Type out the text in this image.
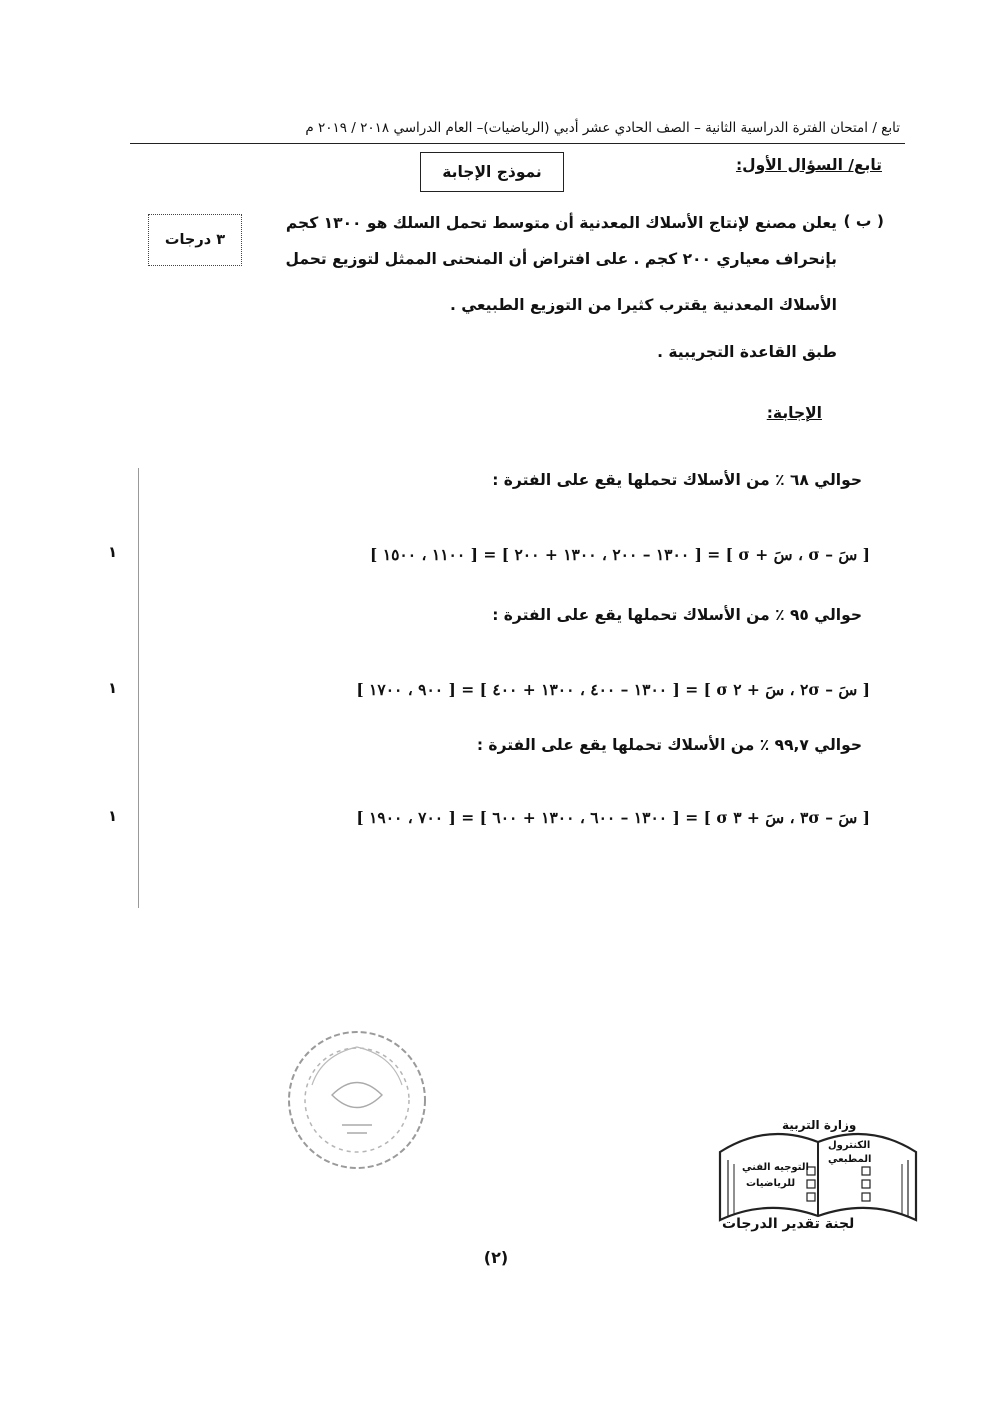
تابع / امتحان الفترة الدراسية الثانية – الصف الحادي عشر أدبي (الرياضيات)– العام الدراسي ٢٠١٨ / ٢٠١٩ م
نموذج الإجابة	تابع/ السؤال الأول:
٣ درجات
( ب )
يعلن مصنع لإنتاج الأسلاك المعدنية أن متوسط تحمل السلك هو ١٣٠٠ كجم
بإنحراف معياري ٢٠٠ كجم . على افتراض أن المنحنى الممثل لتوزيع تحمل
الأسلاك المعدنية يقترب كثيرا من التوزيع الطبيعي .
طبق القاعدة التجريبية .
الإجابة:
حوالي ٦٨ ٪ من الأسلاك تحملها يقع على الفترة :
[ سَ – σ ، سَ + σ ] = [ ١٣٠٠ – ٢٠٠ ، ١٣٠٠ + ٢٠٠ ] = [ ١١٠٠ ، ١٥٠٠ ]
١
حوالي ٩٥ ٪ من الأسلاك تحملها يقع على الفترة :
[ سَ – ٢σ ، سَ + ٢ σ ] = [ ١٣٠٠ – ٤٠٠ ، ١٣٠٠ + ٤٠٠ ] = [ ٩٠٠ ، ١٧٠٠ ]
١
حوالي ٩٩,٧ ٪ من الأسلاك تحملها يقع على الفترة :
[ سَ – ٣σ ، سَ + ٣ σ ] = [ ١٣٠٠ – ٦٠٠ ، ١٣٠٠ + ٦٠٠ ] = [ ٧٠٠ ، ١٩٠٠ ]
١
وزارة التربية
الكنترول
المطبعي
التوجيه الفني
للرياضيات
لجنة تقدير الدرجات
(٢)
